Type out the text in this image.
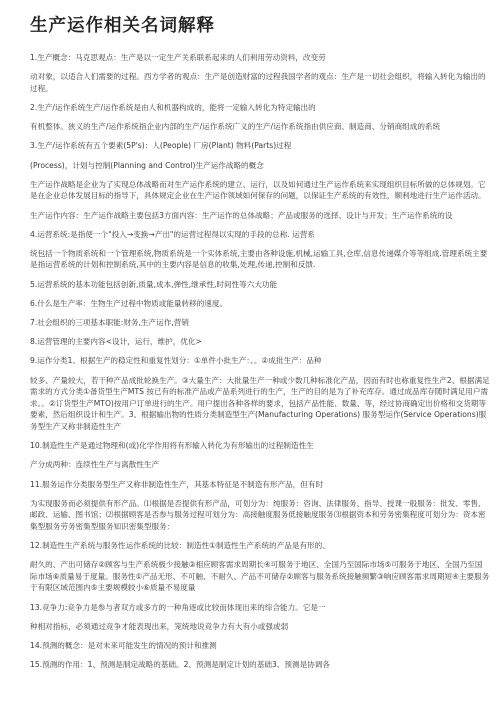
生产运作相关名词解释

1.生产概念：马克思观点：生产是以一定生产关系联系起来的人们利用劳动资料，改变劳

动对象，以适合人们需要的过程。西方学者的观点：生产是创造财富的过程我国学者的观点：生产是一切社会组织，将输入转化为输出的过程。

2.生产/运作系统生产/运作系统是由人和机器构成的，能将一定输入转化为特定输出的

有机整体。狭义的生产/运作系统指企业内部的生产/运作系统广义的生产/运作系统指由供应商、制造商、分销商组成的系统

3.生产/运作系统有五个要素(5P's)：人(People) 厂房(Plant) 物料(Parts)过程

(Process)，计划与控制(Planning and Control)生产运作战略的概念

生产运作战略是企业为了实现总体战略而对生产运作系统的建立、运行，以及如何通过生产运作系统来实现组织目标所做的总体规划。它是在企业总体发展目标的指导下，具体规定企业在生产运作领域如何保存的问题，以保证生产系统的有效性，顺利地进行生产运作活动。

生产运作内容：生产运作战略主要包括3方面内容：生产运作的总体战略；产品或服务的选择、设计与开发；生产运作系统的设

4.运营系统:是指使一个"投入→变换→产出"的运营过程得以实现的手段的总称. 运营系

统包括一个物质系统和一个管理系统,物质系统是一个实体系统,主要由各种设施,机械,运输工具,仓库,信息传递媒介等等组成.管理系统主要是指运营系统的计划和控制系统,其中的主要内容是信息的收集,处理,传递,控制和反馈.

5.运营系统的基本功能包括创新,质量,成本,弹性,继承性,时间性等六大功能

6.什么是生产率：生物生产过程中物质或能量转移的速度。

7.社会组织的三项基本职能:财务,生产运作,营销

8.运营管理的主要内容<设计，运行，维护，优化>

9.运作分类1、根据生产的稳定性和重复性划分：①单件小批生产：、。②成批生产：品种

较多、产量较大，若干种产品成批轮换生产。③大量生产：大批量生产一种或少数几种标准化产品，因而有时也称重复性生产2、根据满足需求的方式分类①备货型生产MTS 按已有的标准产品或产品系列进行的生产，生产的目的是为了补充库存。通过成品库存随时满足用户需求。。②订货型生产MTO)按用户订单进行的生产。用户提出各种各样的要求，包括产品性能、数量、等，经过协商确定出价格和交货期等要素，然后组织设计和生产。3、根据输出物的性质分类制造型生产(Manufacturing Operations) 服务型运作(Service Operations)服务型生产又称非制造性生产

10.制造性生产是通过物理和(或)化学作用将有形输入转化为有形输出的过程制造性生

产分成两种：连续性生产与离散性生产

11.服务运作分类服务型生产又称非制造性生产，其基本特征是不制造有形产品，但有时

为实现服务而必须提供有形产品。⑴根据是否提供有形产品，可划分为：纯服务：咨询、法律服务、指导、授课一般服务：批发、零售、邮政、运输、图书馆；⑵根据顾客是否参与服务过程可划分为：高接触度服务低接触度服务⑶根据资本和劳务密集程度可划分为：资本密集型服务劳务密集型服务知识密集型服务：

12.制造性生产系统与服务性运作系统的比较：制造性①制造性生产系统的产品是有形的、

耐久的、产出可储存②顾客与生产系统极少接触③相应顾客需求周期长④可服务于地区、全国乃至国际市场⑤可服务于地区、全国乃至国际市场⑥质量易于度量。服务性①产品无形、不可触、不耐久、产品不可储存②顾客与服务系统接触频繁③响应顾客需求周期短④主要服务于有限区域范围内⑤主要规模较小⑥质量不易度量

13.竞争力:竞争力是参与者双方或多方的一种角逐或比较而体现出来的综合能力。它是一

种相对指标，必须通过竞争才能表现出来，笼统地说竞争力有大有小或强或弱

14.预测的概念：是对未来可能发生的情况的预计和推测

15.预测的作用：1、预测是制定战略的基础。2、预测是制定计划的基础3、预测是协调各
